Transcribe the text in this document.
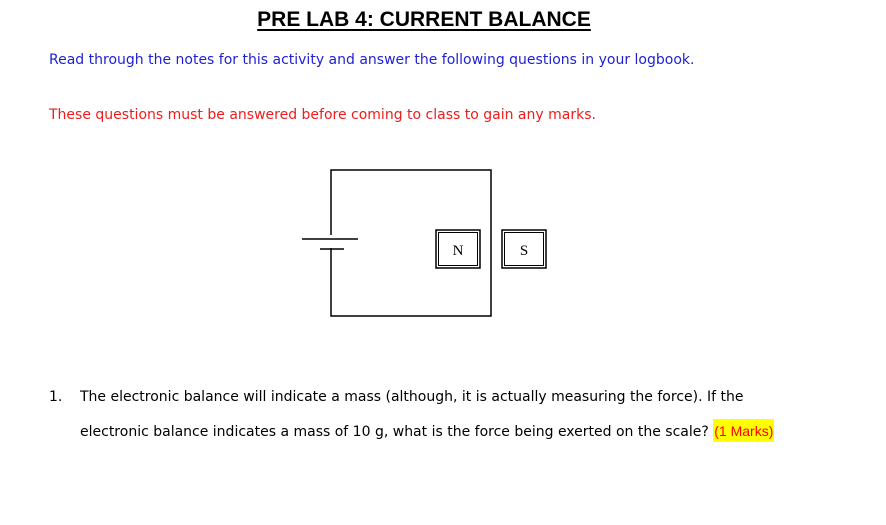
PRE LAB 4: CURRENT BALANCE

Read through the notes for this activity and answer the following questions in your logbook.

These questions must be answered before coming to class to gain any marks.

N	S
1. The electronic balance will indicate a mass (although, it is actually measuring the force). If the
electronic balance indicates a mass of 10 g, what is the force being exerted on the scale? (1 Marks)
